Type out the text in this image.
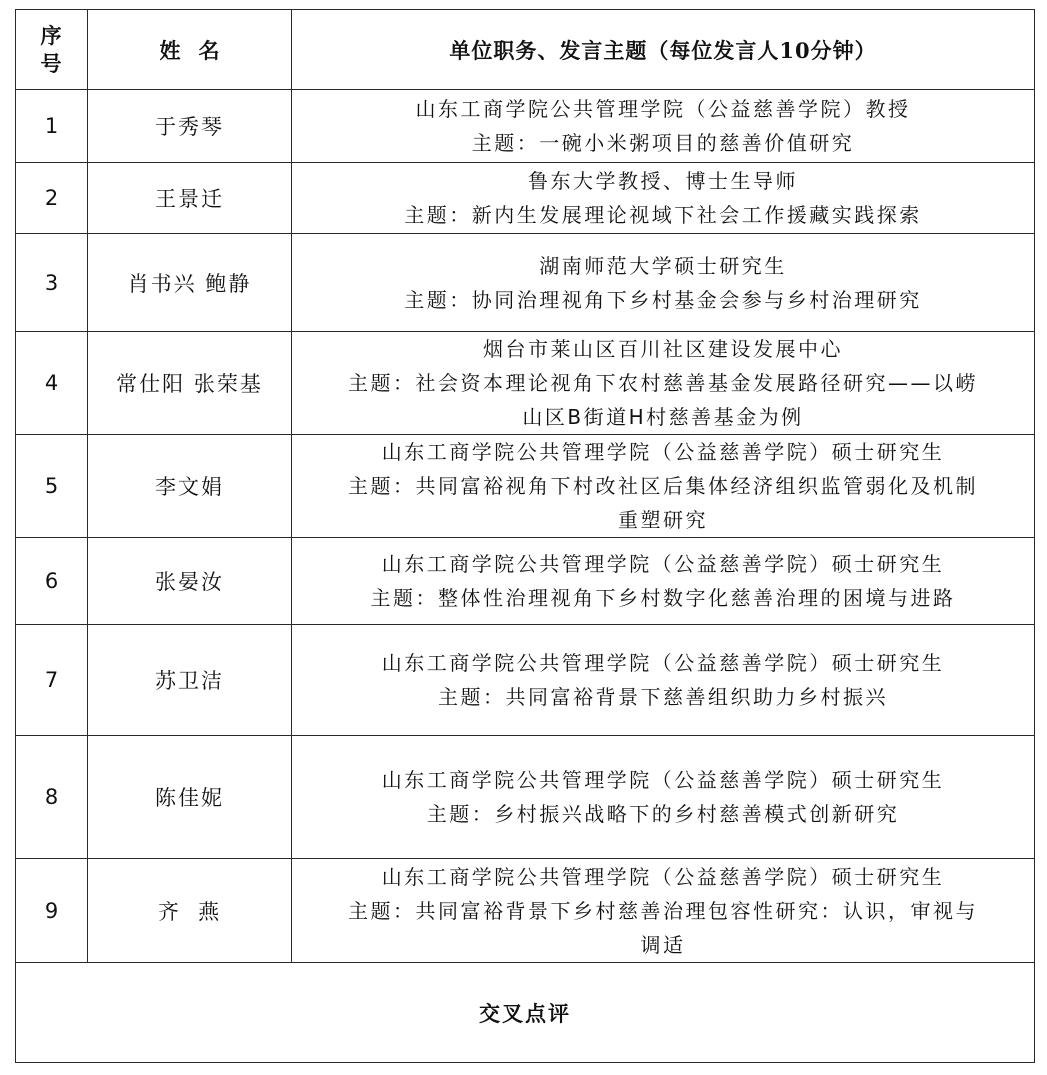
序
号	姓名	单位职务、发言主题（每位发言人10分钟）
1	于秀琴	山东工商学院公共管理学院（公益慈善学院）教授
主题：一碗小米粥项目的慈善价值研究

2	王景迁	鲁东大学教授、博士生导师
主题：新内生发展理论视域下社会工作援藏实践探索

3	肖书兴 鲍静	湖南师范大学硕士研究生
主题：协同治理视角下乡村基金会参与乡村治理研究

4	常仕阳 张荣基	烟台市莱山区百川社区建设发展中心
主题：社会资本理论视角下农村慈善基金发展路径研究——以崂
山区B街道H村慈善基金为例

5	李文娟	山东工商学院公共管理学院（公益慈善学院）硕士研究生
主题：共同富裕视角下村改社区后集体经济组织监管弱化及机制
重塑研究

6	张晏汝	山东工商学院公共管理学院（公益慈善学院）硕士研究生
主题：整体性治理视角下乡村数字化慈善治理的困境与进路

7	苏卫洁	山东工商学院公共管理学院（公益慈善学院）硕士研究生
主题：共同富裕背景下慈善组织助力乡村振兴

8	陈佳妮	山东工商学院公共管理学院（公益慈善学院）硕士研究生
主题：乡村振兴战略下的乡村慈善模式创新研究

9	齐  燕	山东工商学院公共管理学院（公益慈善学院）硕士研究生
主题：共同富裕背景下乡村慈善治理包容性研究：认识，审视与
调适

交叉点评		
